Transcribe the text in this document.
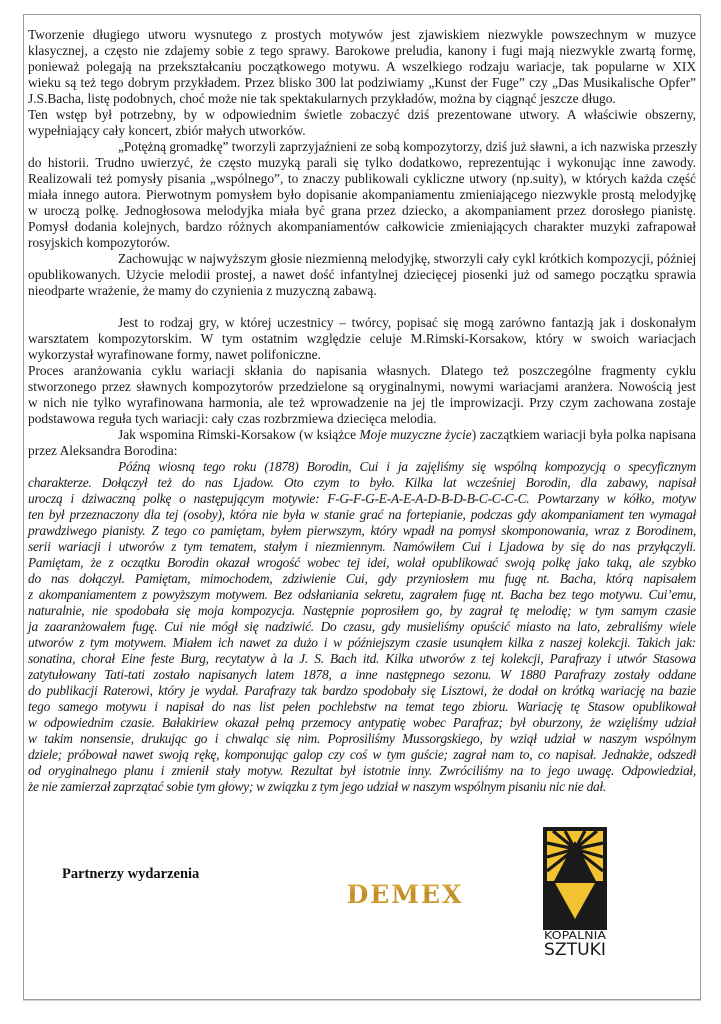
Tworzenie długiego utworu wysnutego z prostych motywów jest zjawiskiem niezwykle powszechnym w muzyce
klasycznej, a często nie zdajemy sobie z tego sprawy. Barokowe preludia, kanony i fugi mają niezwykle zwartą formę,
ponieważ polegają na przekształcaniu początkowego motywu. A wszelkiego rodzaju wariacje, tak popularne w XIX
wieku są też tego dobrym przykładem. Przez blisko 300 lat podziwiamy „Kunst der Fuge” czy „Das Musikalische Opfer”
J.S.Bacha, listę podobnych, choć może nie tak spektakularnych przykładów, można by ciągnąć jeszcze długo.
Ten wstęp był potrzebny, by w odpowiednim świetle zobaczyć dziś prezentowane utwory. A właściwie obszerny,
wypełniający cały koncert, zbiór małych utworków.
„Potężną gromadkę” tworzyli zaprzyjaźnieni ze sobą kompozytorzy, dziś już sławni, a ich nazwiska przeszły
do historii. Trudno uwierzyć, że często muzyką parali się tylko dodatkowo, reprezentując i wykonując inne zawody.
Realizowali też pomysły pisania „wspólnego”, to znaczy publikowali cykliczne utwory (np.suity), w których każda część
miała innego autora. Pierwotnym pomysłem było dopisanie akompaniamentu zmieniającego niezwykle prostą melodyjkę
w uroczą polkę. Jednogłosowa melodyjka miała być grana przez dziecko, a akompaniament przez dorosłego pianistę.
Pomysł dodania kolejnych, bardzo różnych akompaniamentów całkowicie zmieniających charakter muzyki zafrapował
rosyjskich kompozytorów.
Zachowując w najwyższym głosie niezmienną melodyjkę, stworzyli cały cykl krótkich kompozycji, później
opublikowanych. Użycie melodii prostej, a nawet dość infantylnej dziecięcej piosenki już od samego początku sprawia
nieodparte wrażenie, że mamy do czynienia z muzyczną zabawą.
Jest to rodzaj gry, w której uczestnicy – twórcy, popisać się mogą zarówno fantazją jak i doskonałym
warsztatem kompozytorskim. W tym ostatnim względzie celuje M.Rimski-Korsakow, który w swoich wariacjach
wykorzystał wyrafinowane formy, nawet polifoniczne.
Proces aranżowania cyklu wariacji skłania do napisania własnych. Dlatego też poszczególne fragmenty cyklu
stworzonego przez sławnych kompozytorów przedzielone są oryginalnymi, nowymi wariacjami aranżera. Nowością jest
w nich nie tylko wyrafinowana harmonia, ale też wprowadzenie na jej tle improwizacji. Przy czym zachowana zostaje
podstawowa reguła tych wariacji: cały czas rozbrzmiewa dziecięca melodia.
Jak wspomina Rimski-Korsakow (w książce Moje muzyczne życie) zaczątkiem wariacji była polka napisana
przez Aleksandra Borodina:
Późną wiosną tego roku (1878) Borodin, Cui i ja zajęliśmy się wspólną kompozycją o specyficznym
charakterze. Dołączył też do nas Ljadow. Oto czym to było. Kilka lat wcześniej Borodin, dla zabawy, napisał
uroczą i dziwaczną polkę o następującym motywie: F-G-F-G-E-A-E-A-D-B-D-B-C-C-C-C. Powtarzany w kółko, motyw
ten był przeznaczony dla tej (osoby), która nie była w stanie grać na fortepianie, podczas gdy akompaniament ten wymagał
prawdziwego pianisty. Z tego co pamiętam, byłem pierwszym, który wpadł na pomysł skomponowania, wraz z Borodinem,
serii wariacji i utworów z tym tematem, stałym i niezmiennym. Namówiłem Cui i Ljadowa by się do nas przyłączyli.
Pamiętam, że z oczątku Borodin okazał wrogość wobec tej idei, wolał opublikować swoją polkę jako taką, ale szybko
do nas dołączył. Pamiętam, mimochodem, zdziwienie Cui, gdy przyniosłem mu fugę nt. Bacha, którą napisałem
z akompaniamentem z powyższym motywem. Bez odsłaniania sekretu, zagrałem fugę nt. Bacha bez tego motywu. Cui’emu,
naturalnie, nie spodobała się moja kompozycja. Następnie poprosiłem go, by zagrał tę melodię; w tym samym czasie
ja zaaranżowałem fugę. Cui nie mógł się nadziwić. Do czasu, gdy musieliśmy opuścić miasto na lato, zebraliśmy wiele
utworów z tym motywem. Miałem ich nawet za dużo i w późniejszym czasie usunąłem kilka z naszej kolekcji. Takich jak:
sonatina, chorał Eine feste Burg, recytatyw à la J. S. Bach itd. Kilka utworów z tej kolekcji, Parafrazy i utwór Stasowa
zatytułowany Tati-tati zostało napisanych latem 1878, a inne następnego sezonu. W 1880 Parafrazy zostały oddane
do publikacji Raterowi, który je wydał. Parafrazy tak bardzo spodobały się Lisztowi, że dodał on krótką wariację na bazie
tego samego motywu i napisał do nas list pełen pochlebstw na temat tego zbioru. Wariację tę Stasow opublikował
w odpowiednim czasie. Bałakiriew okazał pełną przemocy antypatię wobec Parafraz; był oburzony, że wzięliśmy udział
w takim nonsensie, drukując go i chwaląc się nim. Poprosiliśmy Mussorgskiego, by wziął udział w naszym wspólnym
dziele; próbował nawet swoją rękę, komponując galop czy coś w tym guście; zagrał nam to, co napisał. Jednakże, odszedł
od oryginalnego planu i zmienił stały motyw. Rezultat był istotnie inny. Zwróciliśmy na to jego uwagę. Odpowiedział,
że nie zamierzał zaprzątać sobie tym głowy; w związku z tym jego udział w naszym wspólnym pisaniu nic nie dał.
Partnerzy wydarzenia
DEMEX
KOPALNIA
SZTUKI
